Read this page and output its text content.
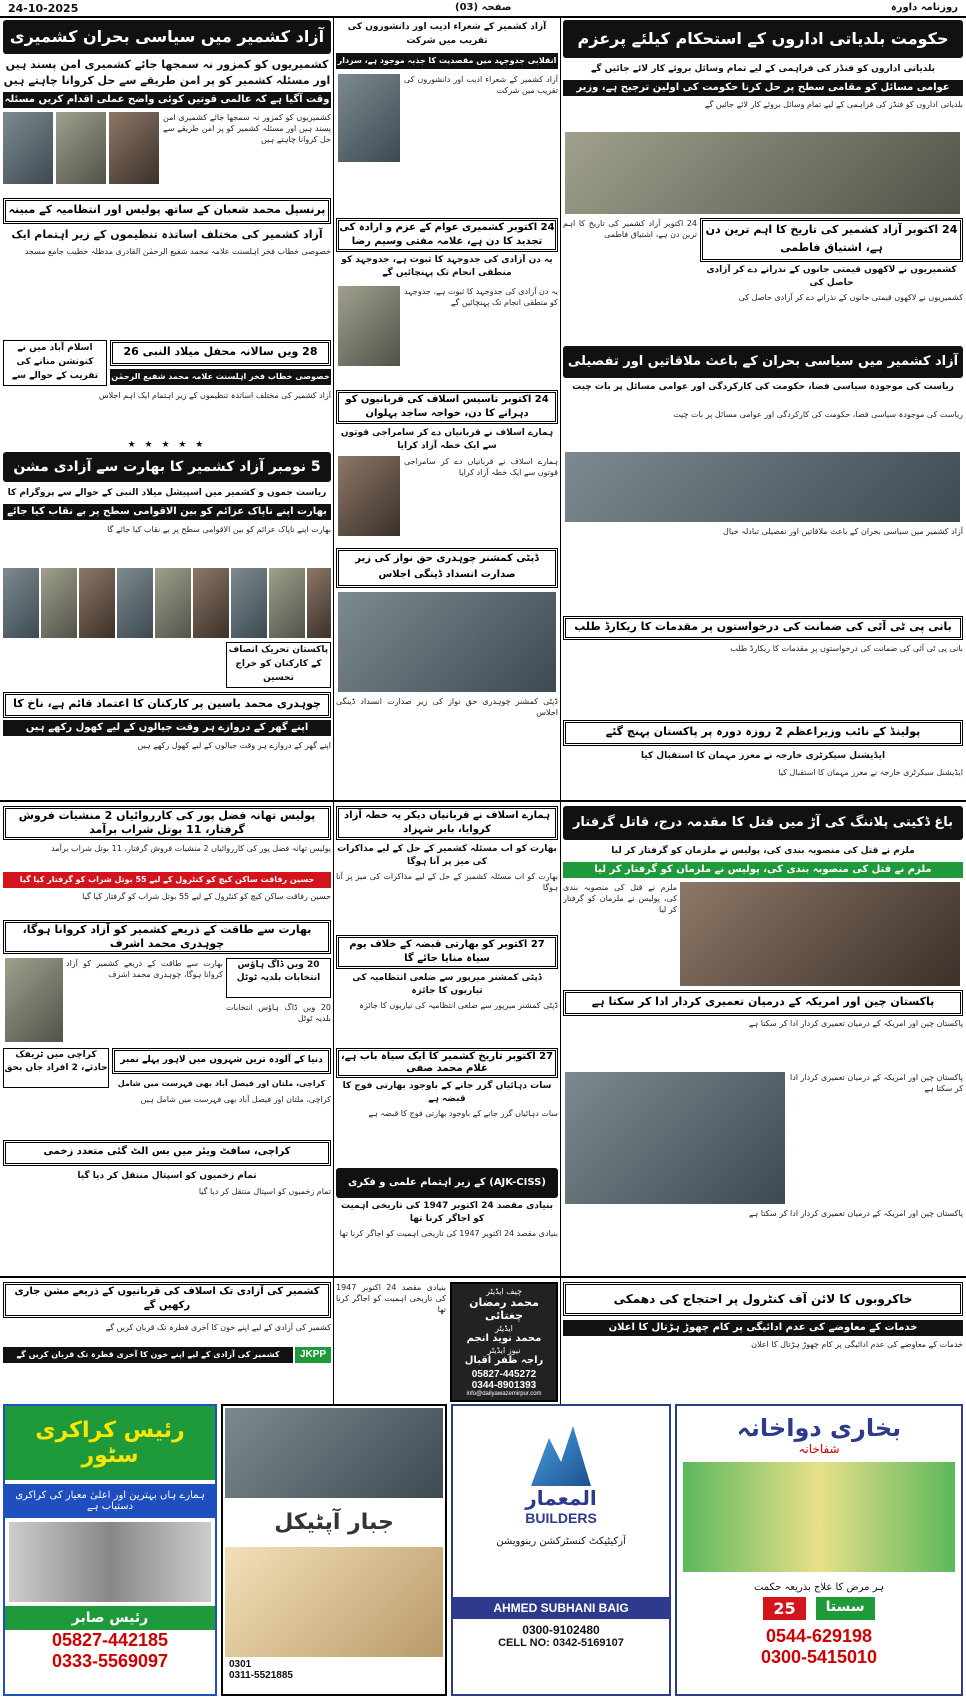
24-10-2025	صفحہ (03)	روزنامہ داورہ
آزاد کشمیر میں سیاسی بحران کشمیری
کشمیریوں کو کمزور نہ سمجھا جائے کشمیری امن پسند ہیں اور مسئلہ کشمیر کو پر امن طریقے سے حل کروانا چاہتے ہیں
وقت آگیا ہے کہ عالمی قوتیں کوئی واضح عملی اقدام کریں مسئلہ
کشمیریوں کو کمزور نہ سمجھا جائے کشمیری امن پسند ہیں اور مسئلہ کشمیر کو پر امن طریقے سے حل کروانا چاہتے ہیں
پرنسپل محمد شعبان کے ساتھ پولیس اور انتظامیہ کے مبینہ
آزاد کشمیر کی مختلف اساتذہ تنظیموں کے زیر اہتمام ایک
خصوصی خطاب فخر اہلسنت علامہ محمد شفیع الرحمٰن القادری مدظلہ خطیب جامع مسجد
28 ویں سالانہ محفل میلاد النبی 26
خصوصی خطاب فخر اہلسنت علامہ محمد شفیع الرحمٰن
اسلام آباد میں نے کنونشن منانے کی تقریب کے حوالے سے
آزاد کشمیر کی مختلف اساتذہ تنظیموں کے زیر اہتمام ایک اہم اجلاس
★ ★ ★ ★ ★
5 نومبر آزاد کشمیر کا بھارت سے آزادی مشن
ریاست جموں و کشمیر میں اسپیشل میلاد النبی کے حوالے سے پروگرام کا
بھارت اپنے ناپاک عزائم کو بین الاقوامی سطح پر بے نقاب کیا جائے
بھارت اپنے ناپاک عزائم کو بین الاقوامی سطح پر بے نقاب کیا جائے گا
پاکستان تحریک انصاف کے کارکنان کو خراج تحسین
چوہدری محمد یاسین پر کارکنان کا اعتماد قائم ہے، ناخ کا
اپنے گھر کے دروازے ہر وقت جیالوں کے لیے کھول رکھے ہیں
اپنے گھر کے دروازے ہر وقت جیالوں کے لیے کھول رکھے ہیں
آزاد کشمیر کے شعراء ادیب اور دانشوروں کی تقریب میں شرکت
انقلابی جدوجہد میں مقصدیت کا جذبہ موجود ہے، سردار
آزاد کشمیر کے شعراء ادیب اور دانشوروں کی تقریب میں شرکت
24 اکتوبر کشمیری عوام کے عزم و ارادہ کی تجدید کا دن ہے، علامہ مفتی وسیم رضا
یہ دن آزادی کی جدوجہد کا ثبوت ہے، جدوجہد کو منطقی انجام تک پہنچائیں گے
یہ دن آزادی کی جدوجہد کا ثبوت ہے، جدوجہد کو منطقی انجام تک پہنچائیں گے
24 اکتوبر تاسیس اسلاف کی قربانیوں کو دہرانے کا دن، خواجہ ساجد پہلوان
ہمارے اسلاف نے قربانیاں دے کر سامراجی قوتوں سے ایک خطہ آزاد کرایا
ہمارے اسلاف نے قربانیاں دے کر سامراجی قوتوں سے ایک خطہ آزاد کرایا
ڈپٹی کمشنر چوہدری حق نواز کی زیر صدارت انسداد ڈینگی اجلاس
ڈپٹی کمشنر چوہدری حق نواز کی زیر صدارت انسداد ڈینگی اجلاس
حکومت بلدیاتی اداروں کے استحکام کیلئے پرعزم
بلدیاتی اداروں کو فنڈز کی فراہمی کے لیے تمام وسائل بروئے کار لائے جائیں گے
عوامی مسائل کو مقامی سطح پر حل کرنا حکومت کی اولین ترجیح ہے، وزیر
بلدیاتی اداروں کو فنڈز کی فراہمی کے لیے تمام وسائل بروئے کار لائے جائیں گے
24 اکتوبر آزاد کشمیر کی تاریخ کا اہم ترین دن ہے، اشتیاق فاطمی
کشمیریوں نے لاکھوں قیمتی جانوں کے نذرانے دے کر آزادی حاصل کی
کشمیریوں نے لاکھوں قیمتی جانوں کے نذرانے دے کر آزادی حاصل کی
24 اکتوبر آزاد کشمیر کی تاریخ کا اہم ترین دن ہے، اشتیاق فاطمی
آزاد کشمیر میں سیاسی بحران کے باعث ملاقاتیں اور تفصیلی
ریاست کی موجودہ سیاسی فضا، حکومت کی کارکردگی اور عوامی مسائل پر بات چیت
ریاست کی موجودہ سیاسی فضا، حکومت کی کارکردگی اور عوامی مسائل پر بات چیت
آزاد کشمیر میں سیاسی بحران کے باعث ملاقاتیں اور تفصیلی تبادلہ خیال
بانی پی ٹی آئی کی ضمانت کی درخواستوں پر مقدمات کا ریکارڈ طلب
بانی پی ٹی آئی کی ضمانت کی درخواستوں پر مقدمات کا ریکارڈ طلب
پولینڈ کے نائب وزیراعظم 2 روزہ دورہ پر پاکستان پہنچ گئے
ایڈیشنل سیکرٹری خارجہ نے معزز مہمان کا استقبال کیا
ایڈیشنل سیکرٹری خارجہ نے معزز مہمان کا استقبال کیا
پولیس تھانہ فضل پور کی کارروائیاں 2 منشیات فروش گرفتار، 11 بوتل شراب برآمد
پولیس تھانہ فضل پور کی کارروائیاں 2 منشیات فروش گرفتار، 11 بوتل شراب برآمد
حسین رفاقت ساکن کیچ کو کنٹرول کے لیے 55 بوتل شراب کو گرفتار کیا گیا
حسین رفاقت ساکن کیچ کو کنٹرول کے لیے 55 بوتل شراب کو گرفتار کیا گیا
بھارت سے طاقت کے ذریعے کشمیر کو آزاد کروانا ہوگا، چوہدری محمد اشرف
20 ویں ڈاگ ہاؤس انتخابات بلدیہ ٹوٹل
بھارت سے طاقت کے ذریعے کشمیر کو آزاد کروانا ہوگا، چوہدری محمد اشرف
20 ویں ڈاگ ہاؤس انتخابات بلدیہ ٹوٹل
کراچی میں ٹریفک حادثے، 2 افراد جاں بحق
دنیا کے آلودہ ترین شہروں میں لاہور پہلے نمبر
کراچی، ملتان اور فیصل آباد بھی فہرست میں شامل
کراچی، ملتان اور فیصل آباد بھی فہرست میں شامل ہیں
کراچی، سافٹ ویئر میں بس الٹ گئی متعدد زخمی
تمام زخمیوں کو اسپتال منتقل کر دیا گیا
تمام زخمیوں کو اسپتال منتقل کر دیا گیا
ہمارے اسلاف نے قربانیاں دیکر یہ خطہ آزاد کروایا، بابر شہزاد
بھارت کو اب مسئلہ کشمیر کے حل کے لیے مذاکرات کی میز پر آنا ہوگا
بھارت کو اب مسئلہ کشمیر کے حل کے لیے مذاکرات کی میز پر آنا ہوگا
27 اکتوبر کو بھارتی قبضہ کے خلاف یوم سیاہ منایا جائے گا
ڈپٹی کمشنر میرپور سے ضلعی انتظامیہ کی تیاریوں کا جائزہ
ڈپٹی کمشنر میرپور سے ضلعی انتظامیہ کی تیاریوں کا جائزہ
27 اکتوبر تاریخ کشمیر کا ایک سیاہ باب ہے، غلام محمد صفی
سات دہائیاں گزر جانے کے باوجود بھارتی فوج کا قبضہ ہے
سات دہائیاں گزر جانے کے باوجود بھارتی فوج کا قبضہ ہے
(AJK-CISS) کے زیر اہتمام علمی و فکری
بنیادی مقصد 24 اکتوبر 1947 کی تاریخی اہمیت کو اجاگر کرنا تھا
بنیادی مقصد 24 اکتوبر 1947 کی تاریخی اہمیت کو اجاگر کرنا تھا
باغ ڈکیتی پلاننگ کی آڑ میں قتل کا مقدمہ درج، قاتل گرفتار
ملزم نے قتل کی منصوبہ بندی کی، پولیس نے ملزمان کو گرفتار کر لیا
ملزم نے قتل کی منصوبہ بندی کی، پولیس نے ملزمان کو گرفتار کر لیا
ملزم نے قتل کی منصوبہ بندی کی، پولیس نے ملزمان کو گرفتار کر لیا
پاکستان چین اور امریکہ کے درمیان تعمیری کردار ادا کر سکتا ہے
پاکستان چین اور امریکہ کے درمیان تعمیری کردار ادا کر سکتا ہے
پاکستان چین اور امریکہ کے درمیان تعمیری کردار ادا کر سکتا ہے
پاکستان چین اور امریکہ کے درمیان تعمیری کردار ادا کر سکتا ہے
کشمیر کی آزادی تک اسلاف کی قربانیوں کے ذریعے مشن جاری رکھیں گے
کشمیر کی آزادی کے لیے اپنے خون کا آخری قطرہ تک قربان کریں گے
کشمیر کی آزادی کے لیے اپنے خون کا آخری قطرہ تک قربان کریں گے	JKPP
چیف ایڈیٹر
محمد رمضان چغتائی
ایڈیٹر
محمد نوید انجم
نیوز ایڈیٹر
راجہ ظفر اقبال
05827-445272
0344-8901393
info@dailyawazemirpur.com
بنیادی مقصد 24 اکتوبر 1947 کی تاریخی اہمیت کو اجاگر کرنا تھا
خاکروبوں کا لائن آف کنٹرول پر احتجاج کی دھمکی
خدمات کے معاوضے کی عدم ادائیگی پر کام چھوڑ ہڑتال کا اعلان
خدمات کے معاوضے کی عدم ادائیگی پر کام چھوڑ ہڑتال کا اعلان
رئیس کراکری سٹور
ہمارے ہاں بہترین اور اعلیٰ معیار کی کراکری دستیاب ہے
رئیس صابر
05827-442185
0333-5569097
جبار آپٹیکل
0301
0311-5521885
المعمار
BUILDERS
آرکیٹیکٹ کنسٹرکشن رینوویشن
AHMED SUBHANI BAIG
0300-9102480
CELL NO: 0342-5169107
بخاری دواخانہ
شفاخانہ
ہر مرض کا علاج بذریعہ حکمت
25	سستا
0544-629198
0300-5415010
